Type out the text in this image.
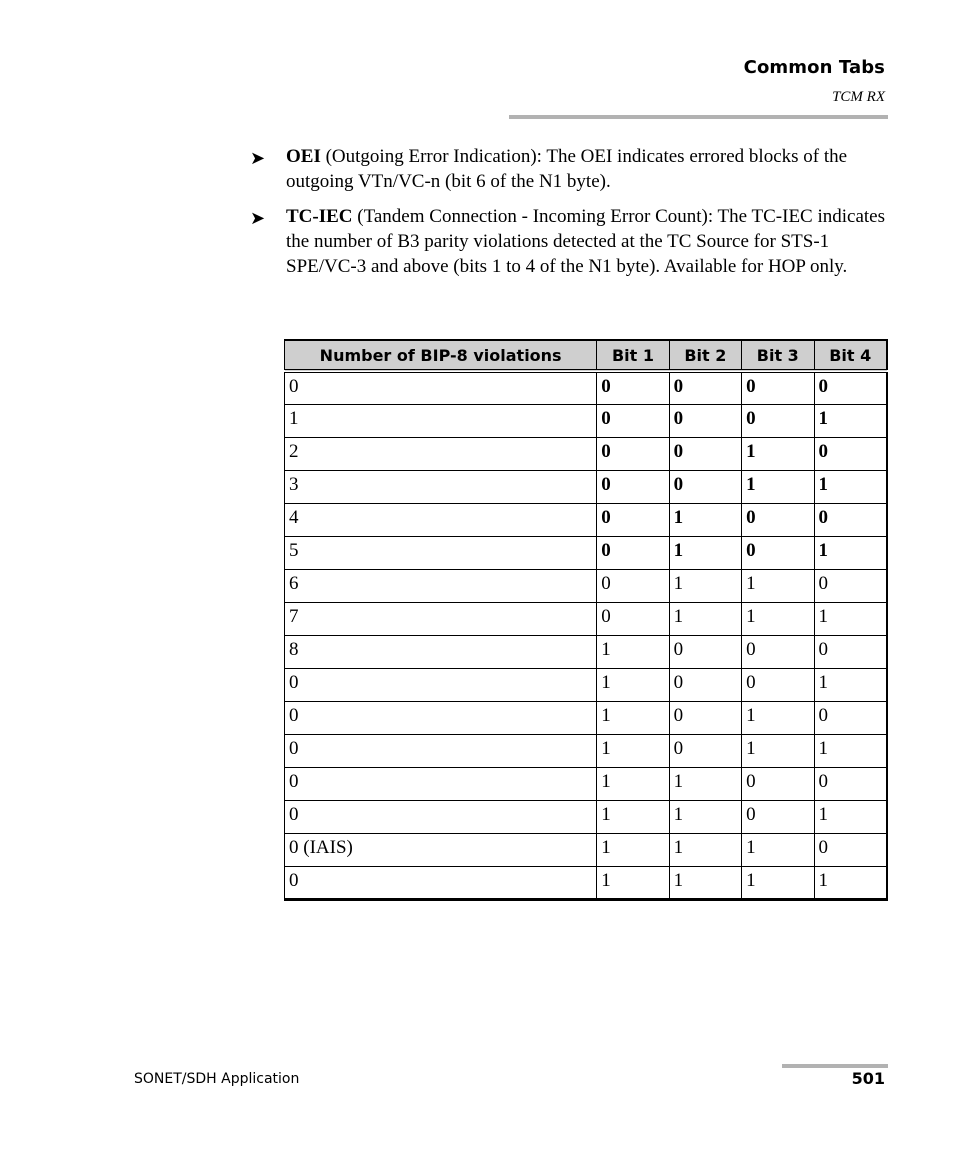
Common Tabs
TCM RX
➤ OEI (Outgoing Error Indication): The OEI indicates errored blocks of the outgoing VTn/VC-n (bit 6 of the N1 byte).
➤ TC-IEC (Tandem Connection - Incoming Error Count): The TC-IEC indicates the number of B3 parity violations detected at the TC Source for STS-1 SPE/VC-3 and above (bits 1 to 4 of the N1 byte). Available for HOP only.
Number of BIP-8 violations	Bit 1	Bit 2	Bit 3	Bit 4
0	0	0	0	0
1	0	0	0	1
2	0	0	1	0
3	0	0	1	1
4	0	1	0	0
5	0	1	0	1
6	0	1	1	0
7	0	1	1	1
8	1	0	0	0
0	1	0	0	1
0	1	0	1	0
0	1	0	1	1
0	1	1	0	0
0	1	1	0	1
0 (IAIS)	1	1	1	0
0	1	1	1	1
SONET/SDH Application	501
